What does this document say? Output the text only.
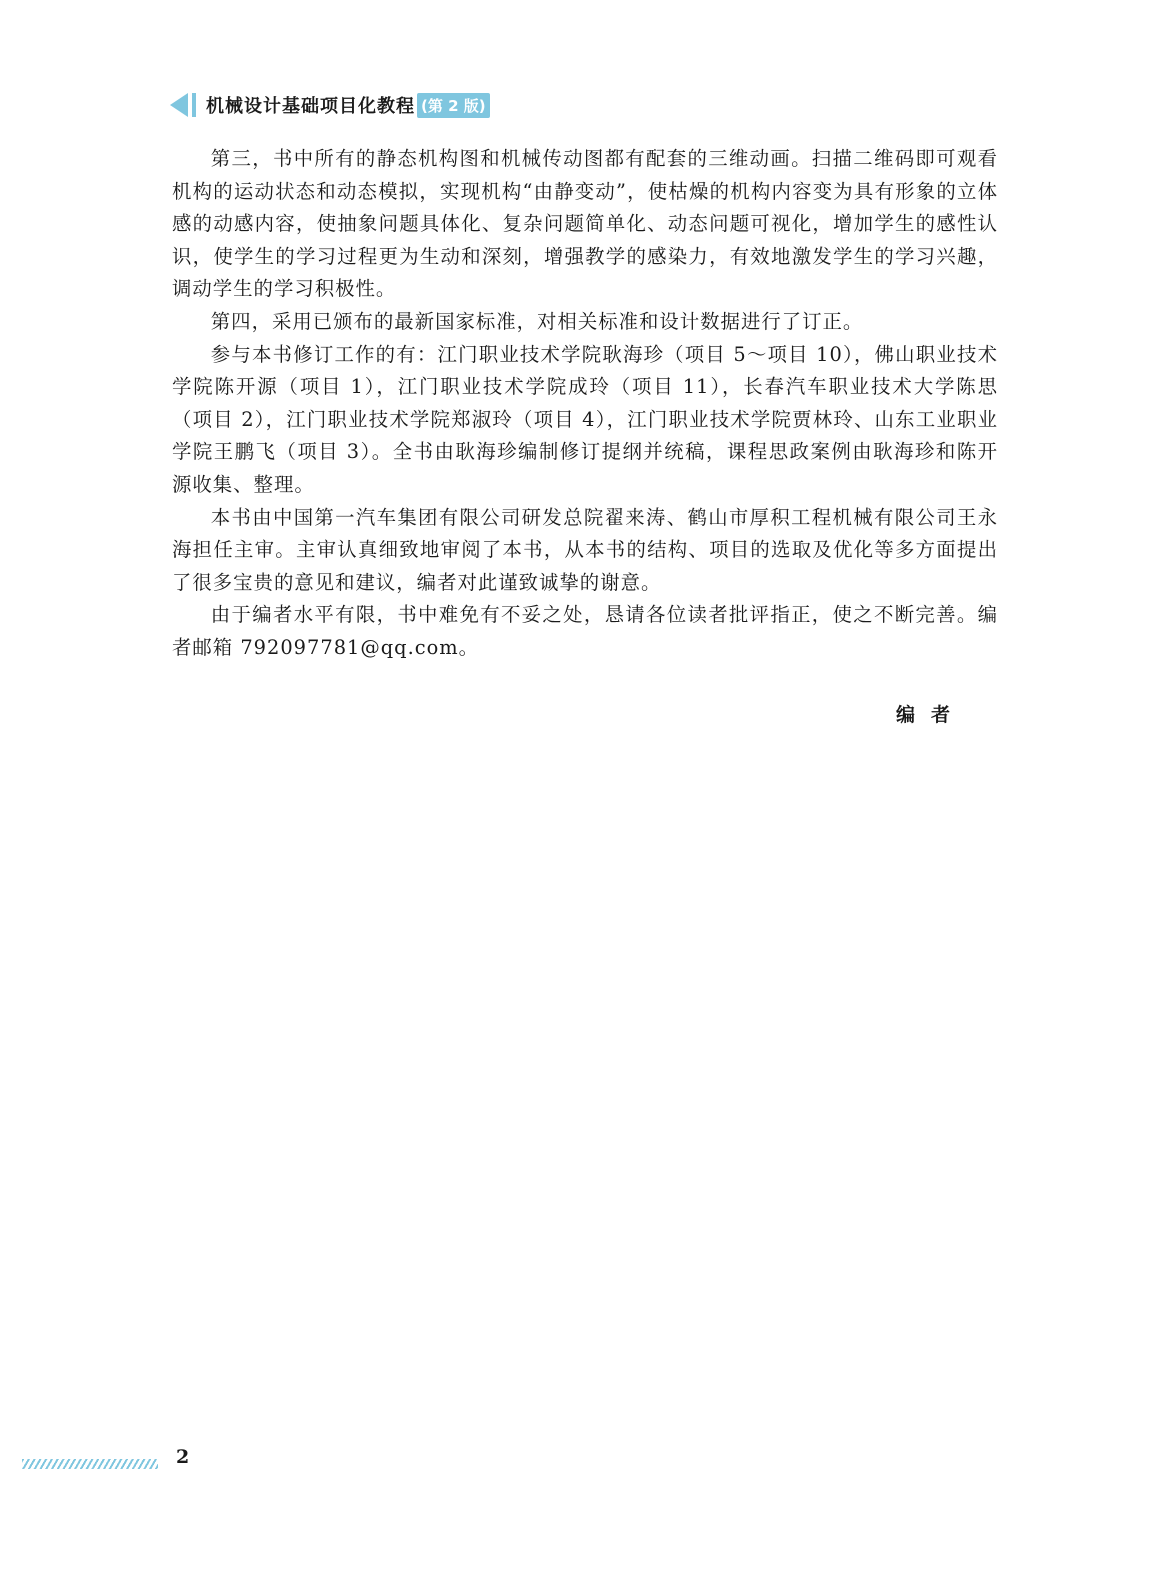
机械设计基础项目化教程 (第 2 版)

第三，书中所有的静态机构图和机械传动图都有配套的三维动画。扫描二维码即可观看机构的运动状态和动态模拟，实现机构“由静变动”，使枯燥的机构内容变为具有形象的立体感的动感内容，使抽象问题具体化、复杂问题简单化、动态问题可视化，增加学生的感性认识，使学生的学习过程更为生动和深刻，增强教学的感染力，有效地激发学生的学习兴趣，调动学生的学习积极性。

第四，采用已颁布的最新国家标准，对相关标准和设计数据进行了订正。

参与本书修订工作的有：江门职业技术学院耿海珍（项目 5～项目 10），佛山职业技术学院陈开源（项目 1），江门职业技术学院成玲（项目 11），长春汽车职业技术大学陈思（项目 2），江门职业技术学院郑淑玲（项目 4），江门职业技术学院贾林玲、山东工业职业学院王鹏飞（项目 3）。全书由耿海珍编制修订提纲并统稿，课程思政案例由耿海珍和陈开源收集、整理。

本书由中国第一汽车集团有限公司研发总院翟来涛、鹤山市厚积工程机械有限公司王永海担任主审。主审认真细致地审阅了本书，从本书的结构、项目的选取及优化等多方面提出了很多宝贵的意见和建议，编者对此谨致诚挚的谢意。

由于编者水平有限，书中难免有不妥之处，恳请各位读者批评指正，使之不断完善。编者邮箱 792097781@qq.com。

编者
2
